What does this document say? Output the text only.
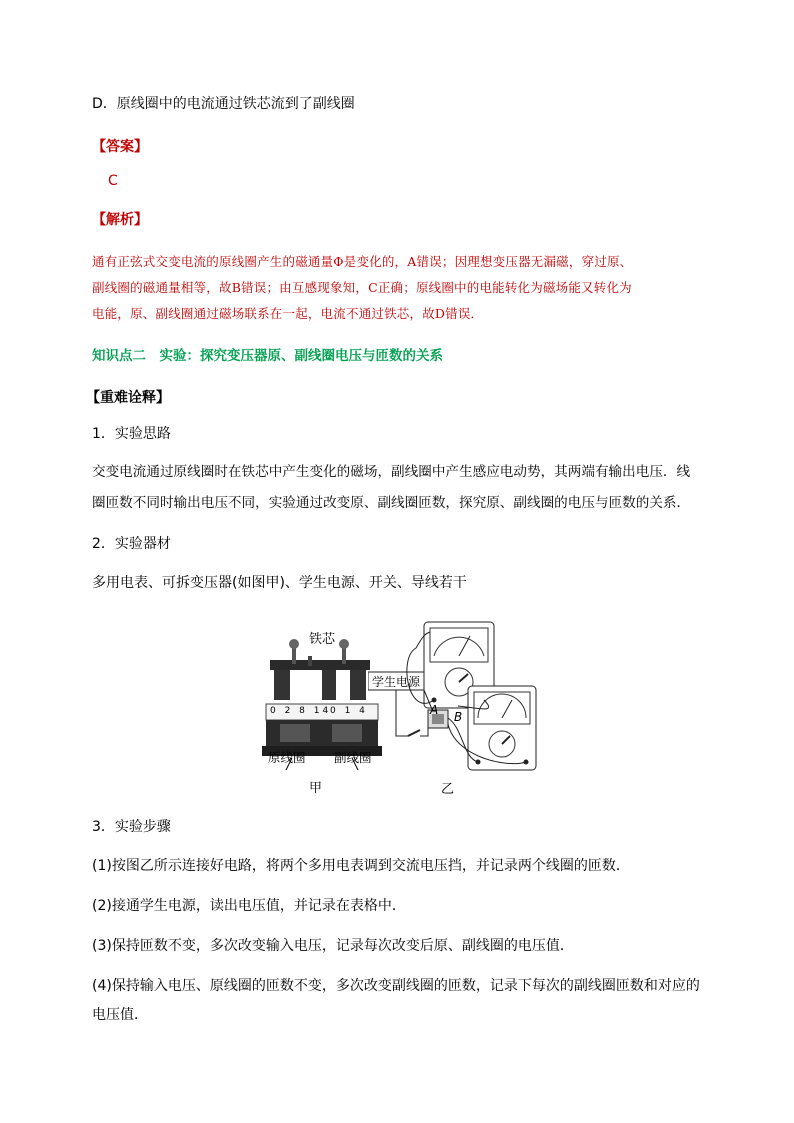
D．原线圈中的电流通过铁芯流到了副线圈
【答案】
C
【解析】
通有正弦式交变电流的原线圈产生的磁通量Φ是变化的，A错误；因理想变压器无漏磁，穿过原、
副线圈的磁通量相等，故B错误；由互感现象知，C正确；原线圈中的电能转化为磁场能又转化为
电能，原、副线圈通过磁场联系在一起，电流不通过铁芯，故D错误．
知识点二　实验：探究变压器原、副线圈电压与匝数的关系
【重难诠释】
1．实验思路
交变电流通过原线圈时在铁芯中产生变化的磁场，副线圈中产生感应电动势，其两端有输出电压．线
圈匝数不同时输出电压不同，实验通过改变原、副线圈匝数，探究原、副线圈的电压与匝数的关系．
2．实验器材
多用电表、可拆变压器(如图甲)、学生电源、开关、导线若干
铁芯
0 2 8 14
0 1 4
原线圈 副线圈
甲
学生电源
A B
乙
3．实验步骤
(1)按图乙所示连接好电路，将两个多用电表调到交流电压挡，并记录两个线圈的匝数．
(2)接通学生电源，读出电压值，并记录在表格中．
(3)保持匝数不变，多次改变输入电压，记录每次改变后原、副线圈的电压值．
(4)保持输入电压、原线圈的匝数不变，多次改变副线圈的匝数，记录下每次的副线圈匝数和对应的
电压值．
